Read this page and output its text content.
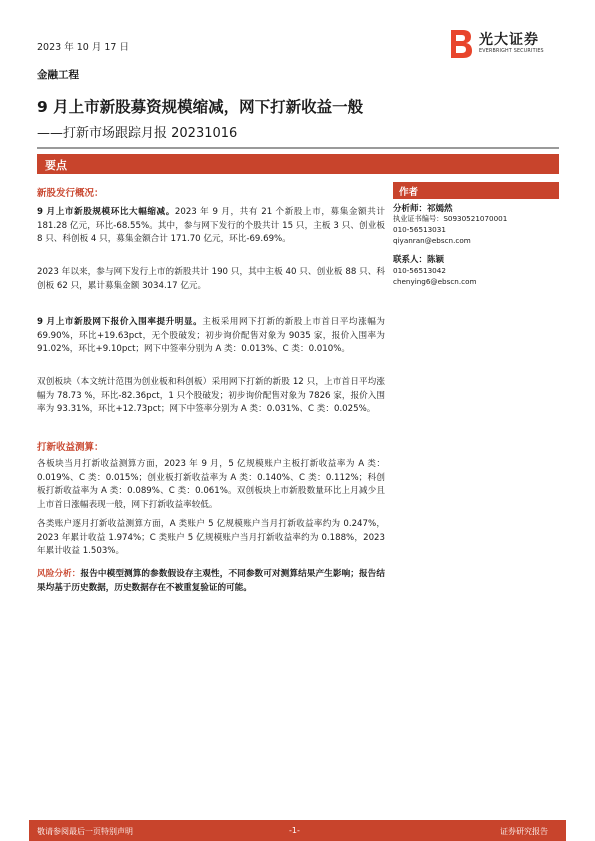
2023 年 10 月 17 日	光大证券
EVERBRIGHT SECURITIES
金融工程
9 月上市新股募资规模缩减，网下打新收益一般
——打新市场跟踪月报 20231016
要点
新股发行概况：
9 月上市新股规模环比大幅缩减。2023 年 9 月，共有 21 个新股上市，募集金额共计 181.28 亿元，环比-68.55%。其中，参与网下发行的个股共计 15 只，主板 3 只、创业板 8 只、科创板 4 只，募集金额合计 171.70 亿元，环比-69.69%。
2023 年以来，参与网下发行上市的新股共计 190 只，其中主板 40 只、创业板 88 只、科创板 62 只，累计募集金额 3034.17 亿元。
9 月上市新股网下报价入围率提升明显。主板采用网下打新的新股上市首日平均涨幅为 69.90%，环比+19.63pct，无个股破发；初步询价配售对象为 9035 家，报价入围率为 91.02%，环比+9.10pct；网下中签率分别为 A 类：0.013%、C 类：0.010%。
双创板块（本文统计范围为创业板和科创板）采用网下打新的新股 12 只，上市首日平均涨幅为 78.73 %，环比-82.36pct，1 只个股破发；初步询价配售对象为 7826 家，报价入围率为 93.31%，环比+12.73pct；网下中签率分别为 A 类：0.031%、C 类：0.025%。
打新收益测算：
各板块当月打新收益测算方面，2023 年 9 月，5 亿规模账户主板打新收益率为 A 类：0.019%、C 类：0.015%；创业板打新收益率为 A 类：0.140%、C 类：0.112%；科创板打新收益率为 A 类：0.089%、C 类：0.061%。双创板块上市新股数量环比上月减少且上市首日涨幅表现一般，网下打新收益率较低。
各类账户逐月打新收益测算方面，A 类账户 5 亿规模账户当月打新收益率约为 0.247%，2023 年累计收益 1.974%；C 类账户 5 亿规模账户当月打新收益率约为 0.188%，2023 年累计收益 1.503%。
风险分析：报告中模型测算的参数假设存主观性，不同参数可对测算结果产生影响；报告结果均基于历史数据，历史数据存在不被重复验证的可能。
作者
分析师：祁嫣然
执业证书编号：S0930521070001
010-56513031
qiyanran@ebscn.com
联系人：陈颖
010-56513042
chenying6@ebscn.com
敬请参阅最后一页特别声明	-1-	证券研究报告
